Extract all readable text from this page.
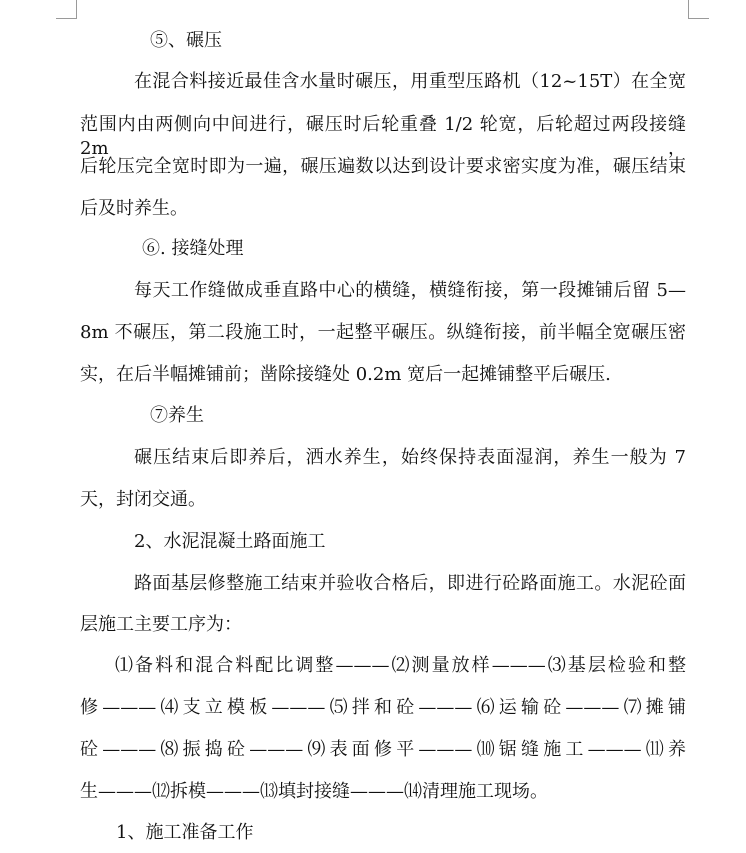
⑤、碾压
在混合料接近最佳含水量时碾压，用重型压路机（12~15T）在全宽
范围内由两侧向中间进行，碾压时后轮重叠 1/2 轮宽，后轮超过两段接缝 2m，
后轮压完全宽时即为一遍，碾压遍数以达到设计要求密实度为准，碾压结束
后及时养生。
⑥. 接缝处理
每天工作缝做成垂直路中心的横缝，横缝衔接，第一段摊铺后留 5—
8m 不碾压，第二段施工时，一起整平碾压。纵缝衔接，前半幅全宽碾压密
实，在后半幅摊铺前；凿除接缝处 0.2m 宽后一起摊铺整平后碾压.
⑦养生
碾压结束后即养后，洒水养生，始终保持表面湿润，养生一般为 7
天，封闭交通。
2、水泥混凝土路面施工
路面基层修整施工结束并验收合格后，即进行砼路面施工。水泥砼面
层施工主要工序为：
⑴备料和混合料配比调整———⑵测量放样———⑶基层检验和整
修———⑷支立模板———⑸拌和砼———⑹运输砼———⑺摊铺
砼———⑻振捣砼———⑼表面修平———⑽锯缝施工———⑾养
生———⑿拆模———⒀填封接缝———⒁清理施工现场。
1、施工准备工作
